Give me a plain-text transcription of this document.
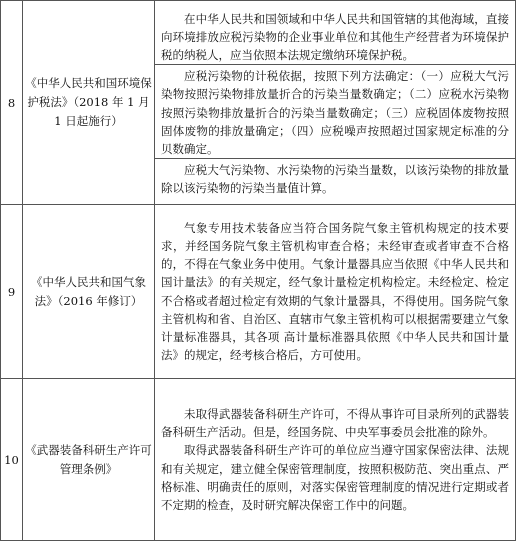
8	《中华人民共和国环境保护税法》（2018 年 1 月 1 日起施行）	在中华人民共和国领域和中华人民共和国管辖的其他海域，直接向环境排放应税污染物的企业事业单位和其他生产经营者为环境保护税的纳税人，应当依照本法规定缴纳环境保护税。
应税污染物的计税依据，按照下列方法确定：（一）应税大气污染物按照污染物排放量折合的污染当量数确定；（二）应税水污染物按照污染物排放量折合的污染当量数确定；（三）应税固体废物按照固体废物的排放量确定；（四）应税噪声按照超过国家规定标准的分贝数确定。
应税大气污染物、水污染物的污染当量数，以该污染物的排放量除以该污染物的污染当量值计算。

9	《中华人民共和国气象法》（2016 年修订）	气象专用技术装备应当符合国务院气象主管机构规定的技术要求，并经国务院气象主管机构审查合格；未经审查或者审查不合格的，不得在气象业务中使用。气象计量器具应当依照《中华人民共和国计量法》的有关规定，经气象计量检定机构检定。未经检定、检定不合格或者超过检定有效期的气象计量器具，不得使用。国务院气象主管机构和省、自治区、直辖市气象主管机构可以根据需要建立气象计量标准器具，其各项 高计量标准器具依照《中华人民共和国计量法》的规定，经考核合格后，方可使用。

10	《武器装备科研生产许可管理条例》	未取得武器装备科研生产许可，不得从事许可目录所列的武器装备科研生产活动。但是，经国务院、中央军事委员会批准的除外。
取得武器装备科研生产许可的单位应当遵守国家保密法律、法规和有关规定，建立健全保密管理制度，按照积极防范、突出重点、严格标准、明确责任的原则，对落实保密管理制度的情况进行定期或者不定期的检查，及时研究解决保密工作中的问题。
